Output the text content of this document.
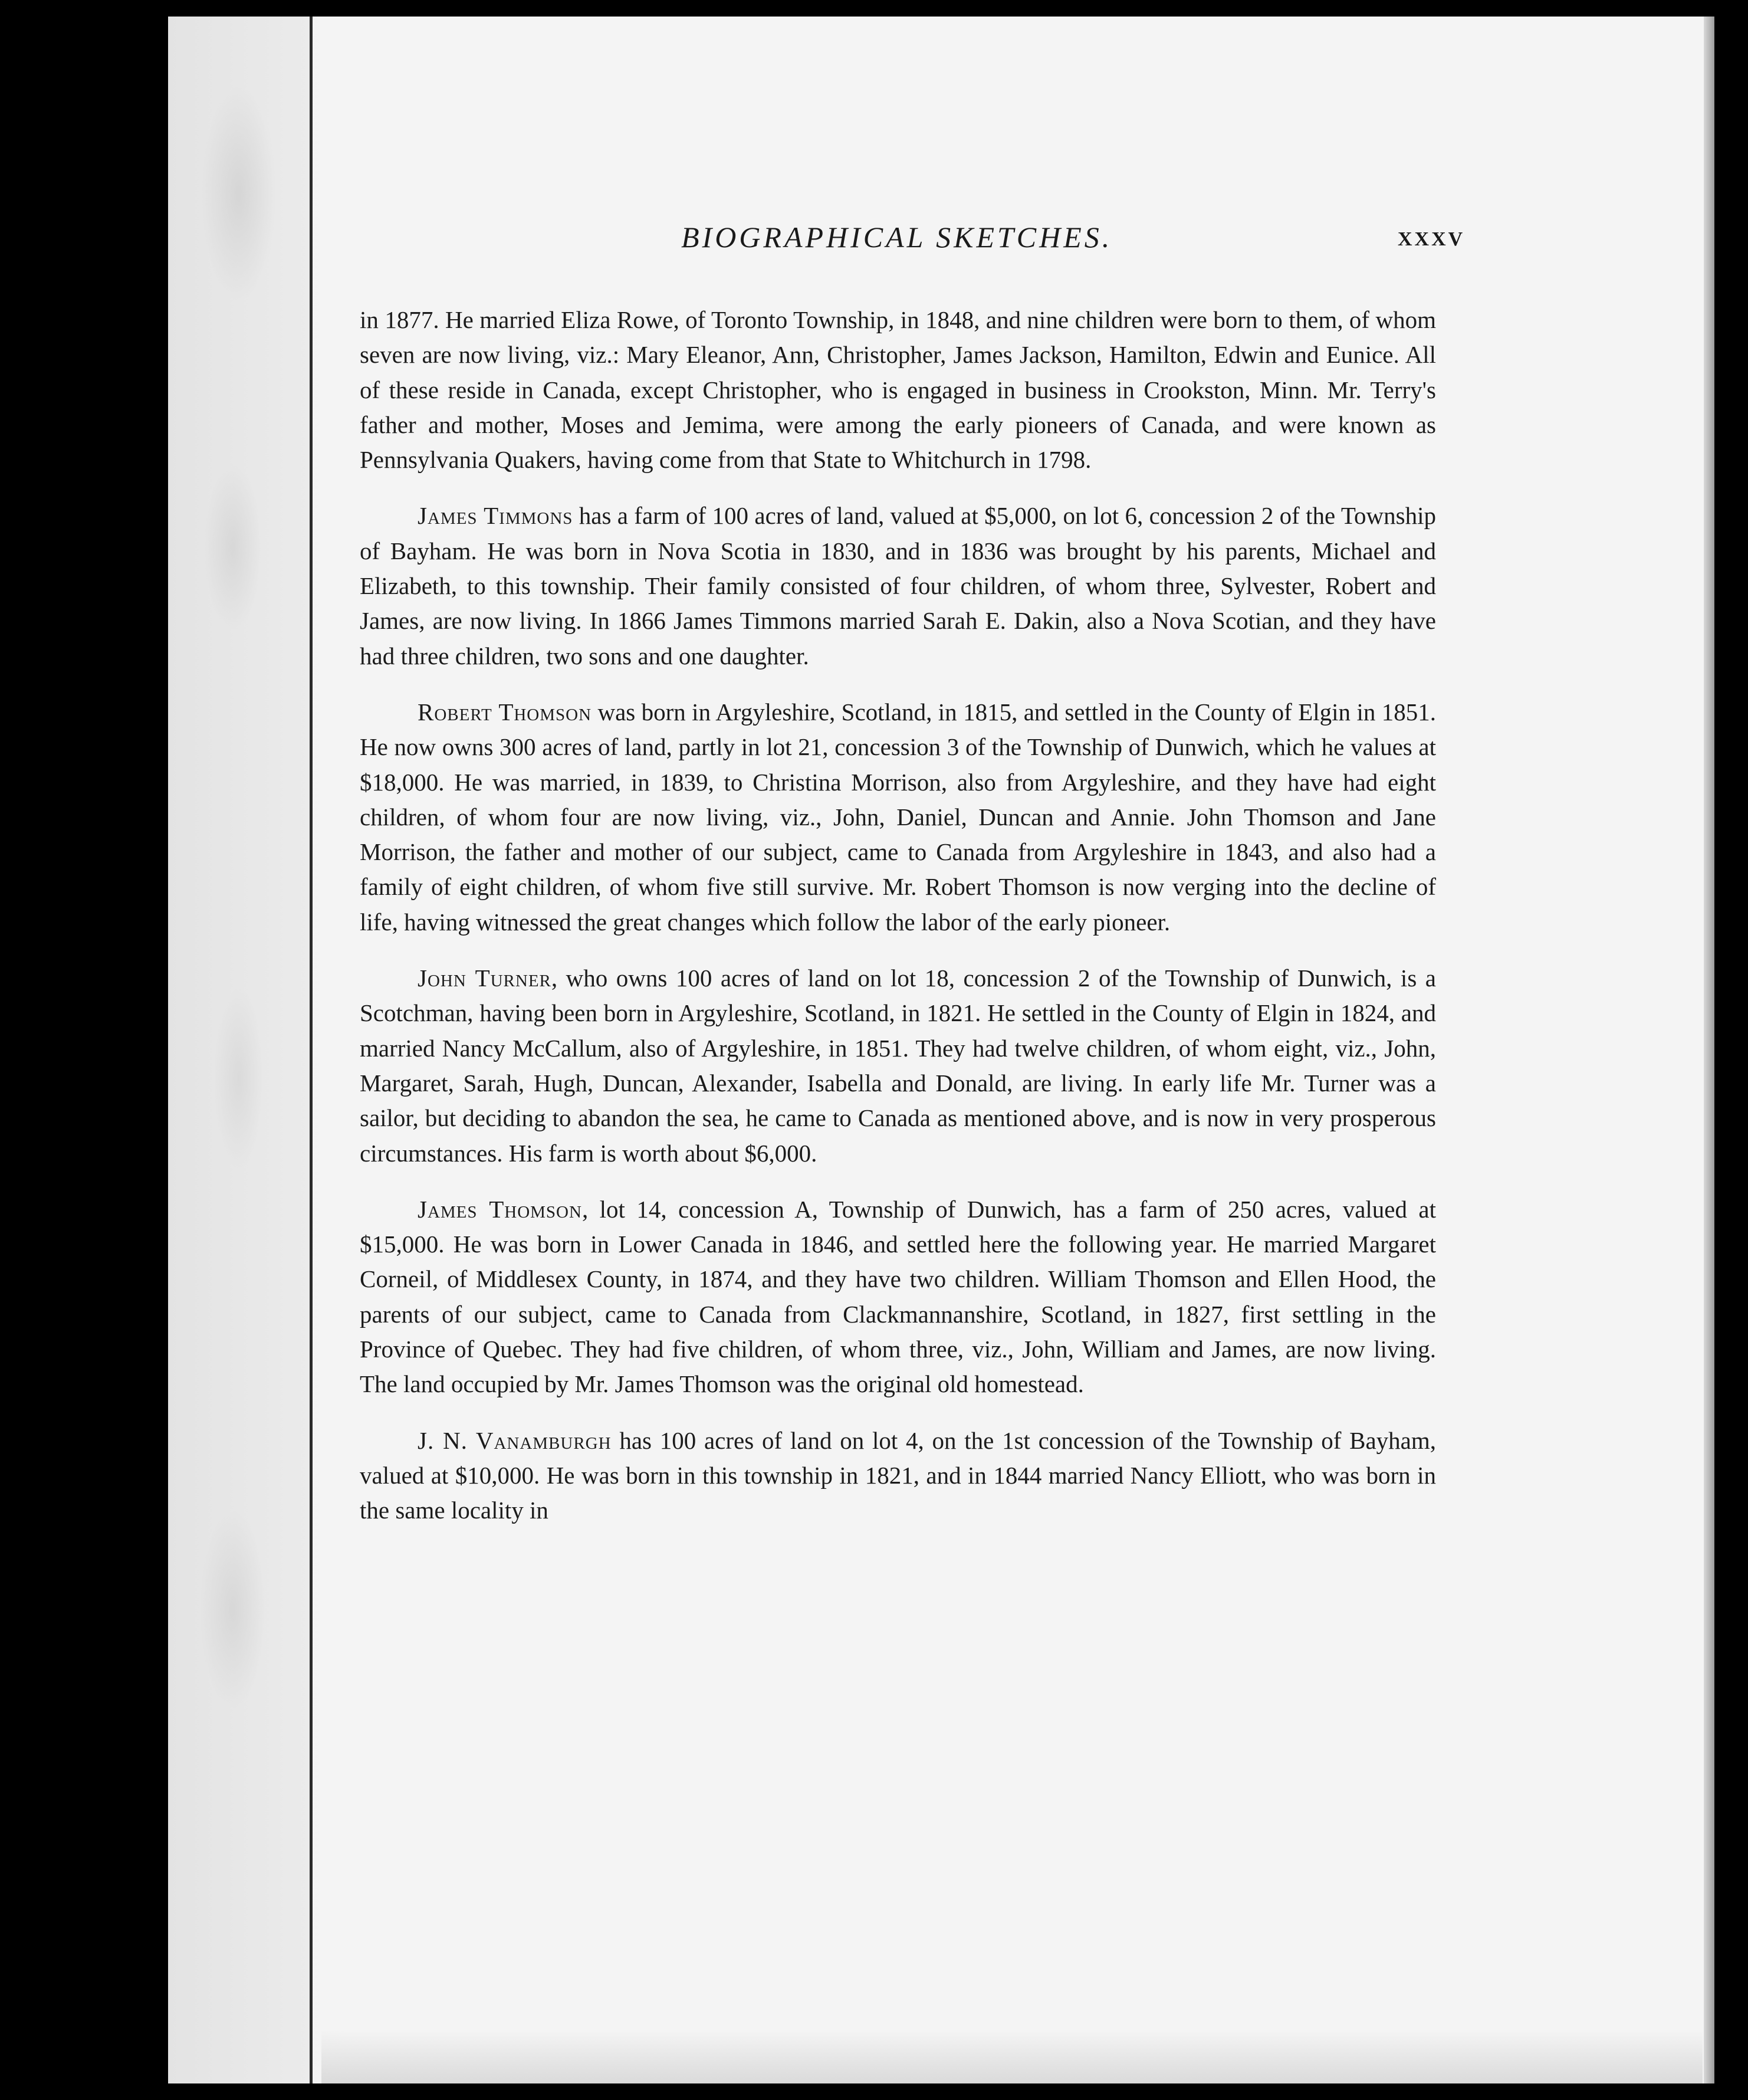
BIOGRAPHICAL SKETCHES.	XXXV

in 1877. He married Eliza Rowe, of Toronto Township, in 1848, and nine children were born to them, of whom seven are now living, viz.: Mary Eleanor, Ann, Christopher, James Jackson, Hamilton, Edwin and Eunice. All of these reside in Canada, except Christopher, who is engaged in business in Crookston, Minn. Mr. Terry's father and mother, Moses and Jemima, were among the early pioneers of Canada, and were known as Pennsylvania Quakers, having come from that State to Whitchurch in 1798.

James Timmons has a farm of 100 acres of land, valued at $5,000, on lot 6, concession 2 of the Township of Bayham. He was born in Nova Scotia in 1830, and in 1836 was brought by his parents, Michael and Elizabeth, to this township. Their family consisted of four children, of whom three, Sylvester, Robert and James, are now living. In 1866 James Timmons married Sarah E. Dakin, also a Nova Scotian, and they have had three children, two sons and one daughter.

Robert Thomson was born in Argyleshire, Scotland, in 1815, and settled in the County of Elgin in 1851. He now owns 300 acres of land, partly in lot 21, concession 3 of the Township of Dunwich, which he values at $18,000. He was married, in 1839, to Christina Morrison, also from Argyleshire, and they have had eight children, of whom four are now living, viz., John, Daniel, Duncan and Annie. John Thomson and Jane Morrison, the father and mother of our subject, came to Canada from Argyleshire in 1843, and also had a family of eight children, of whom five still survive. Mr. Robert Thomson is now verging into the decline of life, having witnessed the great changes which follow the labor of the early pioneer.

John Turner, who owns 100 acres of land on lot 18, concession 2 of the Township of Dunwich, is a Scotchman, having been born in Argyleshire, Scotland, in 1821. He settled in the County of Elgin in 1824, and married Nancy McCallum, also of Argyleshire, in 1851. They had twelve children, of whom eight, viz., John, Margaret, Sarah, Hugh, Duncan, Alexander, Isabella and Donald, are living. In early life Mr. Turner was a sailor, but deciding to abandon the sea, he came to Canada as mentioned above, and is now in very prosperous circumstances. His farm is worth about $6,000.

James Thomson, lot 14, concession A, Township of Dunwich, has a farm of 250 acres, valued at $15,000. He was born in Lower Canada in 1846, and settled here the following year. He married Margaret Corneil, of Middlesex County, in 1874, and they have two children. William Thomson and Ellen Hood, the parents of our subject, came to Canada from Clackmannanshire, Scotland, in 1827, first settling in the Province of Quebec. They had five children, of whom three, viz., John, William and James, are now living. The land occupied by Mr. James Thomson was the original old homestead.

J. N. Vanamburgh has 100 acres of land on lot 4, on the 1st concession of the Township of Bayham, valued at $10,000. He was born in this township in 1821, and in 1844 married Nancy Elliott, who was born in the same locality in
